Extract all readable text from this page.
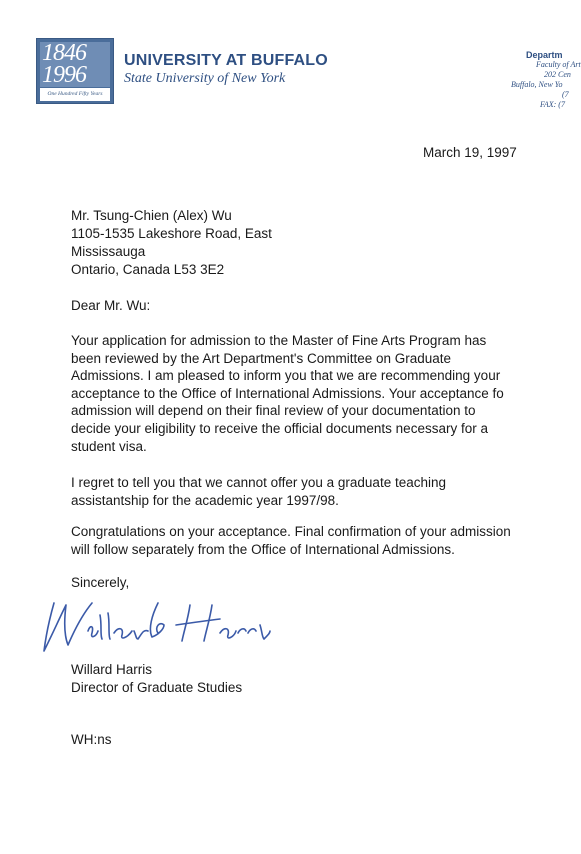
1846
1996
One Hundred Fifty Years
UNIVERSITY AT BUFFALO
State University of New York
Departm
Faculty of Art
202 Cen
Buffalo, New Yo
(7
FAX: (7
March 19, 1997
Mr. Tsung-Chien (Alex) Wu
1105-1535 Lakeshore Road, East
Mississauga
Ontario, Canada L53 3E2
Dear Mr. Wu:
Your application for admission to the Master of Fine Arts Program has
been reviewed by the Art Department's Committee on Graduate
Admissions. I am pleased to inform you that we are recommending your
acceptance to the Office of International Admissions. Your acceptance fo
admission will depend on their final review of your documentation to
decide your eligibility to receive the official documents necessary for a
student visa.
I regret to tell you that we cannot offer you a graduate teaching
assistantship for the academic year 1997/98.
Congratulations on your acceptance. Final confirmation of your admission
will follow separately from the Office of International Admissions.
Sincerely,
Willard Harris
Director of Graduate Studies
WH:ns
